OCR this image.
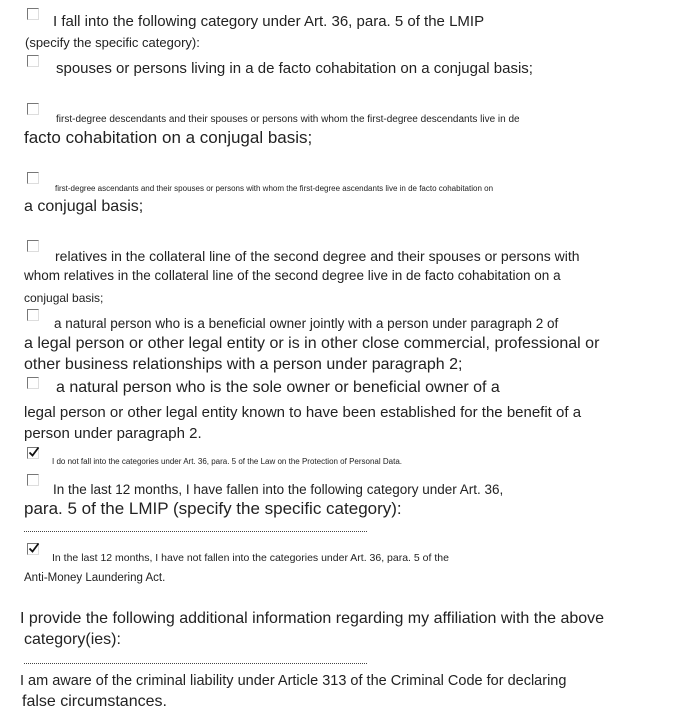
I fall into the following category under Art. 36, para. 5 of the LMIP
(specify the specific category):
spouses or persons living in a de facto cohabitation on a conjugal basis;
first-degree descendants and their spouses or persons with whom the first-degree descendants live in de
facto cohabitation on a conjugal basis;
first-degree ascendants and their spouses or persons with whom the first-degree ascendants live in de facto cohabitation on
a conjugal basis;
relatives in the collateral line of the second degree and their spouses or persons with
whom relatives in the collateral line of the second degree live in de facto cohabitation on a
conjugal basis;
a natural person who is a beneficial owner jointly with a person under paragraph 2 of
a legal person or other legal entity or is in other close commercial, professional or
other business relationships with a person under paragraph 2;
a natural person who is the sole owner or beneficial owner of a
legal person or other legal entity known to have been established for the benefit of a
person under paragraph 2.
I do not fall into the categories under Art. 36, para. 5 of the Law on the Protection of Personal Data.
In the last 12 months, I have fallen into the following category under Art. 36,
para. 5 of the LMIP (specify the specific category):
In the last 12 months, I have not fallen into the categories under Art. 36, para. 5 of the
Anti-Money Laundering Act.
I provide the following additional information regarding my affiliation with the above
category(ies):
I am aware of the criminal liability under Article 313 of the Criminal Code for declaring
false circumstances.
